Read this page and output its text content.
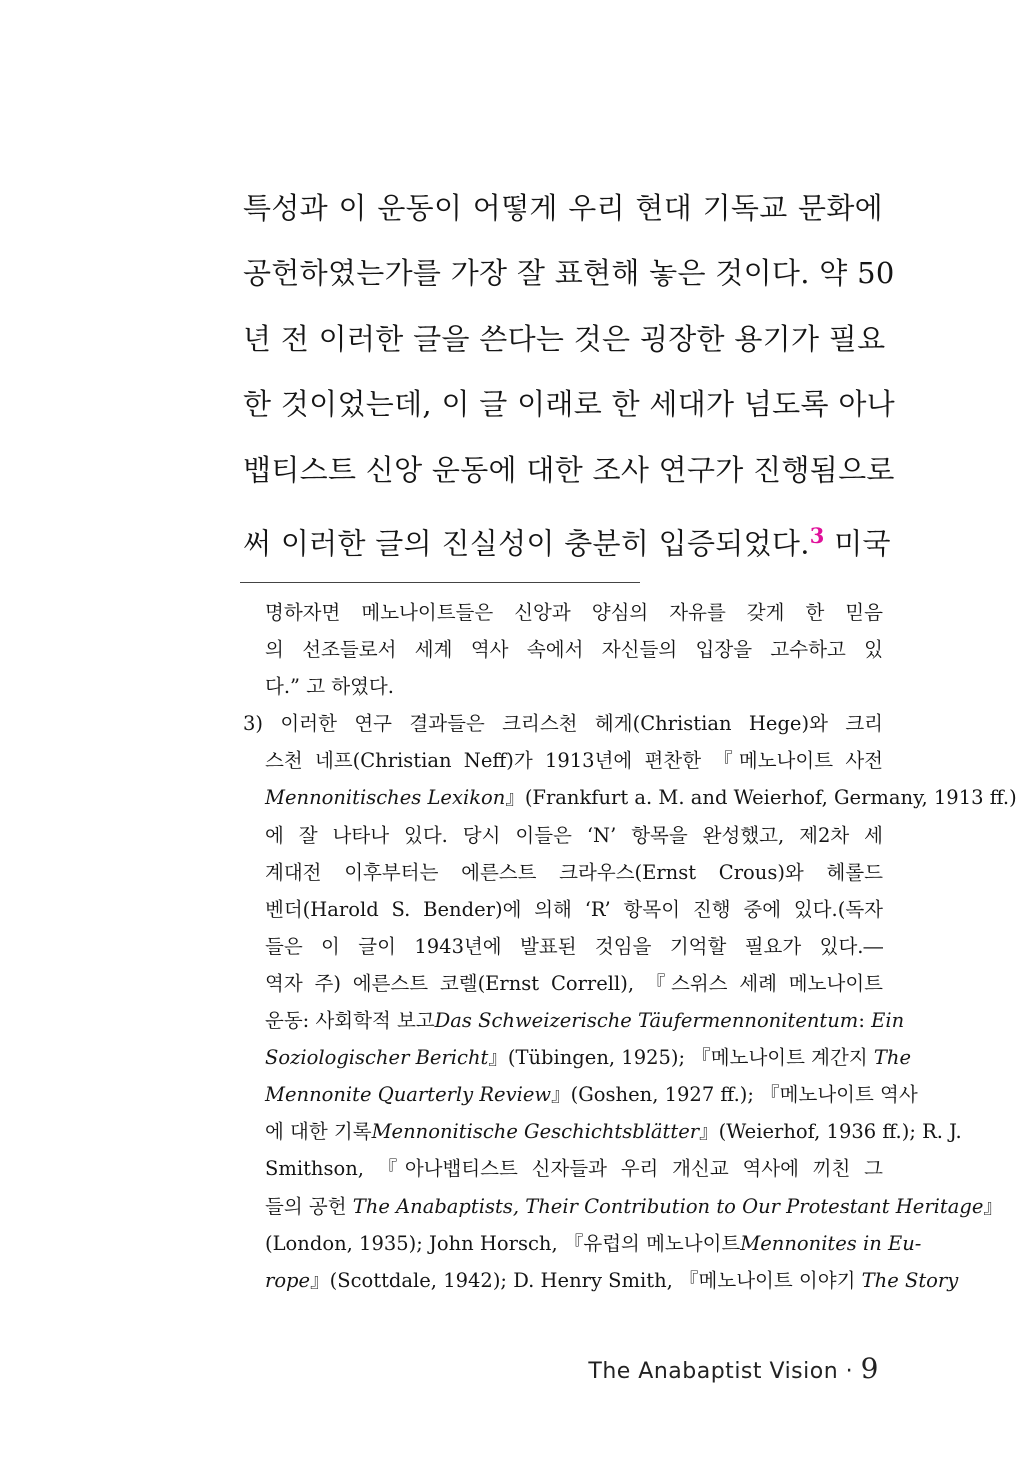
특성과 이 운동이 어떻게 우리 현대 기독교 문화에
공헌하였는가를 가장 잘 표현해 놓은 것이다. 약 50
년 전 이러한 글을 쓴다는 것은 굉장한 용기가 필요
한 것이었는데, 이 글 이래로 한 세대가 넘도록 아나
뱁티스트 신앙 운동에 대한 조사 연구가 진행됨으로
써 이러한 글의 진실성이 충분히 입증되었다.$^3$ 미국
명하자면 메노나이트들은 신앙과 양심의 자유를 갖게 한 믿음
의 선조들로서 세계 역사 속에서 자신들의 입장을 고수하고 있
다.” 고 하였다.
3) 이러한 연구 결과들은 크리스천 헤게(Christian Hege)와 크리
스천 네프(Christian Neff)가 1913년에 편찬한 『메노나이트 사전
Mennonitisches Lexikon』(Frankfurt a. M. and Weierhof, Germany, 1913 ff.)
에 잘 나타나 있다. 당시 이들은 ‘N’ 항목을 완성했고, 제2차 세
계대전 이후부터는 에른스트 크라우스(Ernst Crous)와 헤롤드
벤더(Harold S. Bender)에 의해 ‘R’ 항목이 진행 중에 있다.(독자
들은 이 글이 1943년에 발표된 것임을 기억할 필요가 있다.―
역자 주) 에른스트 코렐(Ernst Correll), 『스위스 세례 메노나이트
운동: 사회학적 보고Das Schweizerische Täufermennonitentum: Ein
Soziologischer Bericht』(Tübingen, 1925); 『메노나이트 계간지 The
Mennonite Quarterly Review』(Goshen, 1927 ff.); 『메노나이트 역사
에 대한 기록Mennonitische Geschichtsblätter』(Weierhof, 1936 ff.); R. J.
Smithson, 『아나뱁티스트 신자들과 우리 개신교 역사에 끼친 그
들의 공헌 The Anabaptists, Their Contribution to Our Protestant Heritage』
(London, 1935); John Horsch, 『유럽의 메노나이트Mennonites in Eu-
rope』(Scottdale, 1942); D. Henry Smith, 『메노나이트 이야기 The Story
The Anabaptist Vision · 9
